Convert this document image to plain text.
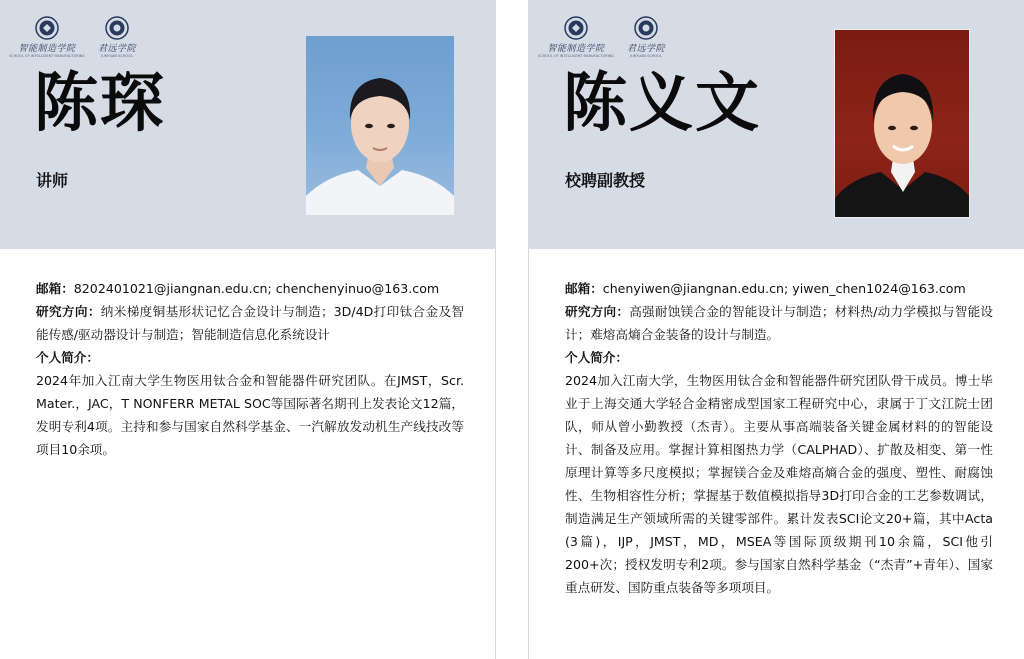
智能制造学院
SCHOOL OF INTELLIGENT MANUFACTURING
君远学院
JUNYUAN SCHOOL
陈琛
讲师
邮箱：8202401021@jiangnan.edu.cn; chenchenyinuo@163.com
研究方向：纳米梯度铜基形状记忆合金设计与制造；3D/4D打印钛合金及智能传感/驱动器设计与制造；智能制造信息化系统设计
个人简介：
2024年加入江南大学生物医用钛合金和智能器件研究团队。在JMST，Scr. Mater.，JAC，T NONFERR METAL SOC等国际著名期刊上发表论文12篇，发明专利4项。主持和参与国家自然科学基金、一汽解放发动机生产线技改等项目10余项。
智能制造学院
SCHOOL OF INTELLIGENT MANUFACTURING
君远学院
JUNYUAN SCHOOL
陈义文
校聘副教授
邮箱：chenyiwen@jiangnan.edu.cn; yiwen_chen1024@163.com
研究方向：高强耐蚀镁合金的智能设计与制造；材料热/动力学模拟与智能设计；难熔高熵合金装备的设计与制造。
个人简介：
2024加入江南大学，生物医用钛合金和智能器件研究团队骨干成员。博士毕业于上海交通大学轻合金精密成型国家工程研究中心，隶属于丁文江院士团队，师从曾小勤教授（杰青）。主要从事高端装备关键金属材料的的智能设计、制备及应用。掌握计算相图热力学（CALPHAD）、扩散及相变、第一性原理计算等多尺度模拟；掌握镁合金及难熔高熵合金的强度、塑性、耐腐蚀性、生物相容性分析；掌握基于数值模拟指导3D打印合金的工艺参数调试，制造满足生产领域所需的关键零部件。累计发表SCI论文20+篇，其中Acta (3篇)，IJP，JMST，MD，MSEA等国际顶级期刊10余篇，SCI他引200+次；授权发明专利2项。参与国家自然科学基金（“杰青”+青年）、国家重点研发、国防重点装备等多项项目。
